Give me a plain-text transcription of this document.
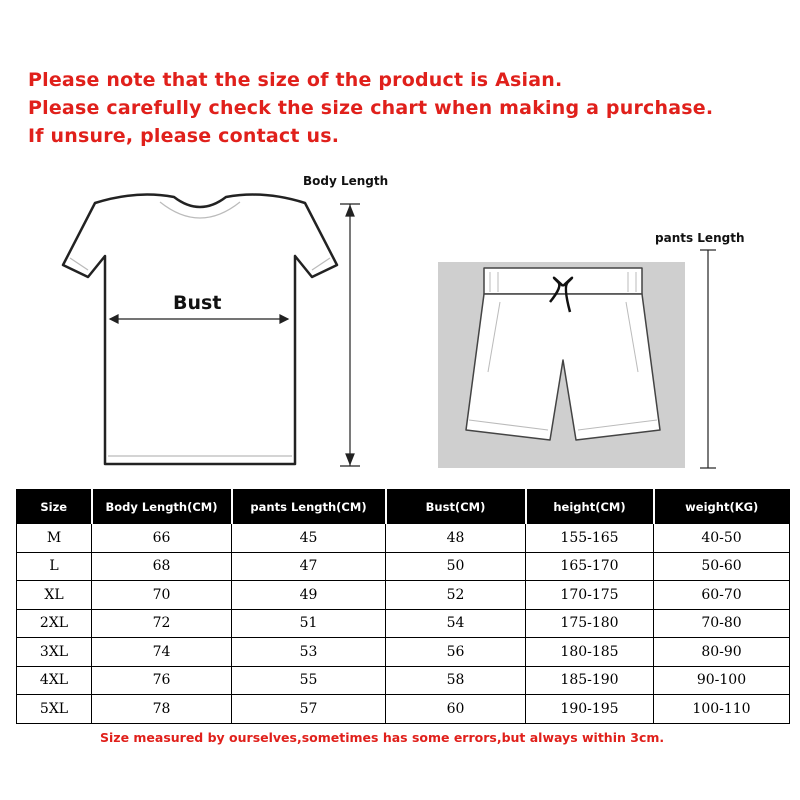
Please note that the size of the product is Asian.
Please carefully check the size chart when making a purchase.
If unsure, please contact us.
Body Length
Bust
pants Length
Size	Body Length(CM)	pants Length(CM)	Bust(CM)	height(CM)	weight(KG)
M	66	45	48	155-165	40-50
L	68	47	50	165-170	50-60
XL	70	49	52	170-175	60-70
2XL	72	51	54	175-180	70-80
3XL	74	53	56	180-185	80-90
4XL	76	55	58	185-190	90-100
5XL	78	57	60	190-195	100-110
Size measured by ourselves,sometimes has some errors,but always within 3cm.
